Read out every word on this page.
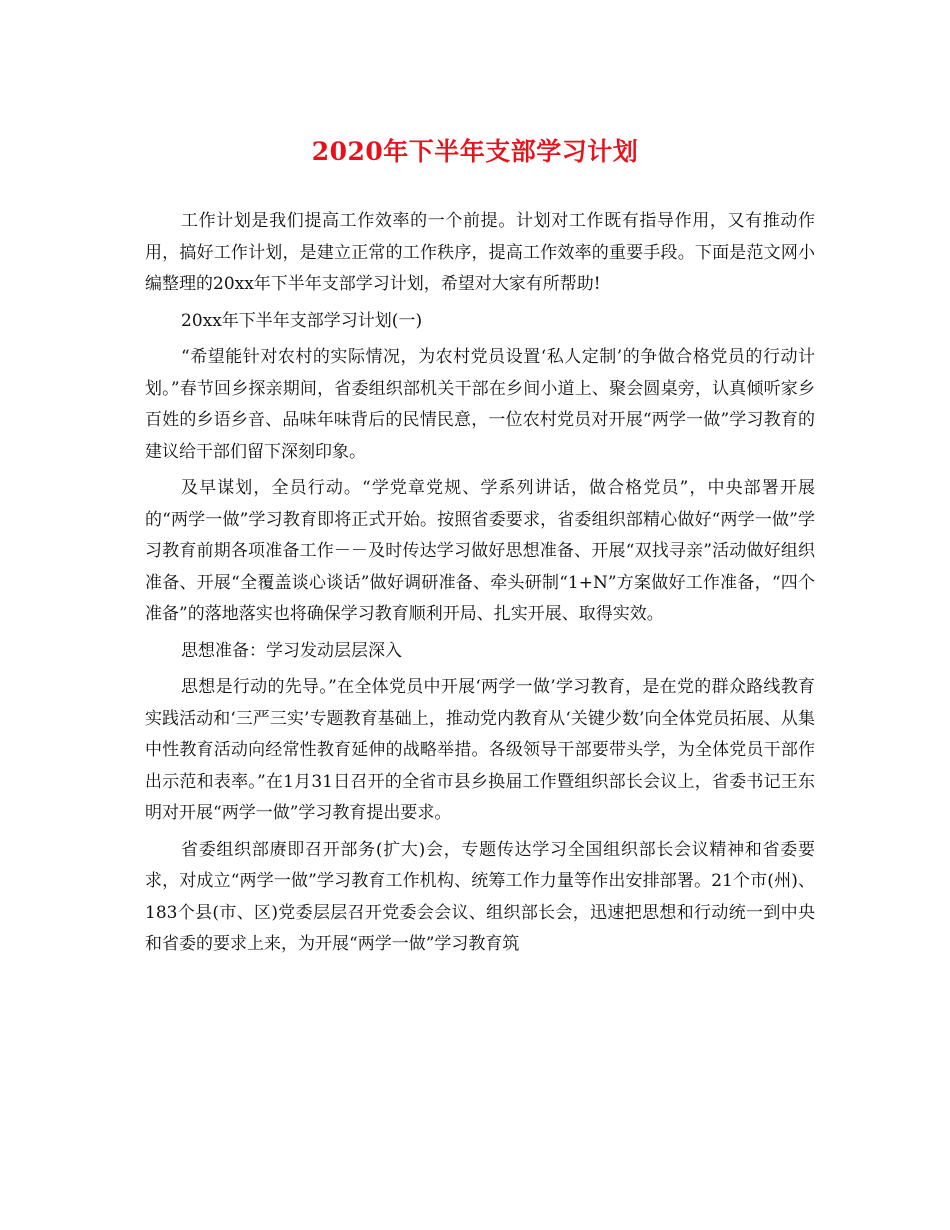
2020年下半年支部学习计划

工作计划是我们提高工作效率的一个前提。计划对工作既有指导作用，又有推动作用，搞好工作计划，是建立正常的工作秩序，提高工作效率的重要手段。下面是范文网小编整理的20xx年下半年支部学习计划，希望对大家有所帮助!

20xx年下半年支部学习计划(一)

“希望能针对农村的实际情况，为农村党员设置‘私人定制’的争做合格党员的行动计划。”春节回乡探亲期间，省委组织部机关干部在乡间小道上、聚会圆桌旁，认真倾听家乡百姓的乡语乡音、品味年味背后的民情民意，一位农村党员对开展“两学一做”学习教育的建议给干部们留下深刻印象。

及早谋划，全员行动。“学党章党规、学系列讲话，做合格党员”，中央部署开展的“两学一做”学习教育即将正式开始。按照省委要求，省委组织部精心做好“两学一做”学习教育前期各项准备工作－－及时传达学习做好思想准备、开展“双找寻亲”活动做好组织准备、开展“全覆盖谈心谈话”做好调研准备、牵头研制“1+N”方案做好工作准备，“四个准备”的落地落实也将确保学习教育顺利开局、扎实开展、取得实效。

思想准备：学习发动层层深入

思想是行动的先导。”在全体党员中开展‘两学一做’学习教育，是在党的群众路线教育实践活动和‘三严三实’专题教育基础上，推动党内教育从‘关键少数’向全体党员拓展、从集中性教育活动向经常性教育延伸的战略举措。各级领导干部要带头学，为全体党员干部作出示范和表率。”在1月31日召开的全省市县乡换届工作暨组织部长会议上，省委书记王东明对开展“两学一做”学习教育提出要求。

省委组织部赓即召开部务(扩大)会，专题传达学习全国组织部长会议精神和省委要求，对成立“两学一做”学习教育工作机构、统筹工作力量等作出安排部署。21个市(州)、183个县(市、区)党委层层召开党委会会议、组织部长会，迅速把思想和行动统一到中央和省委的要求上来，为开展“两学一做”学习教育筑
